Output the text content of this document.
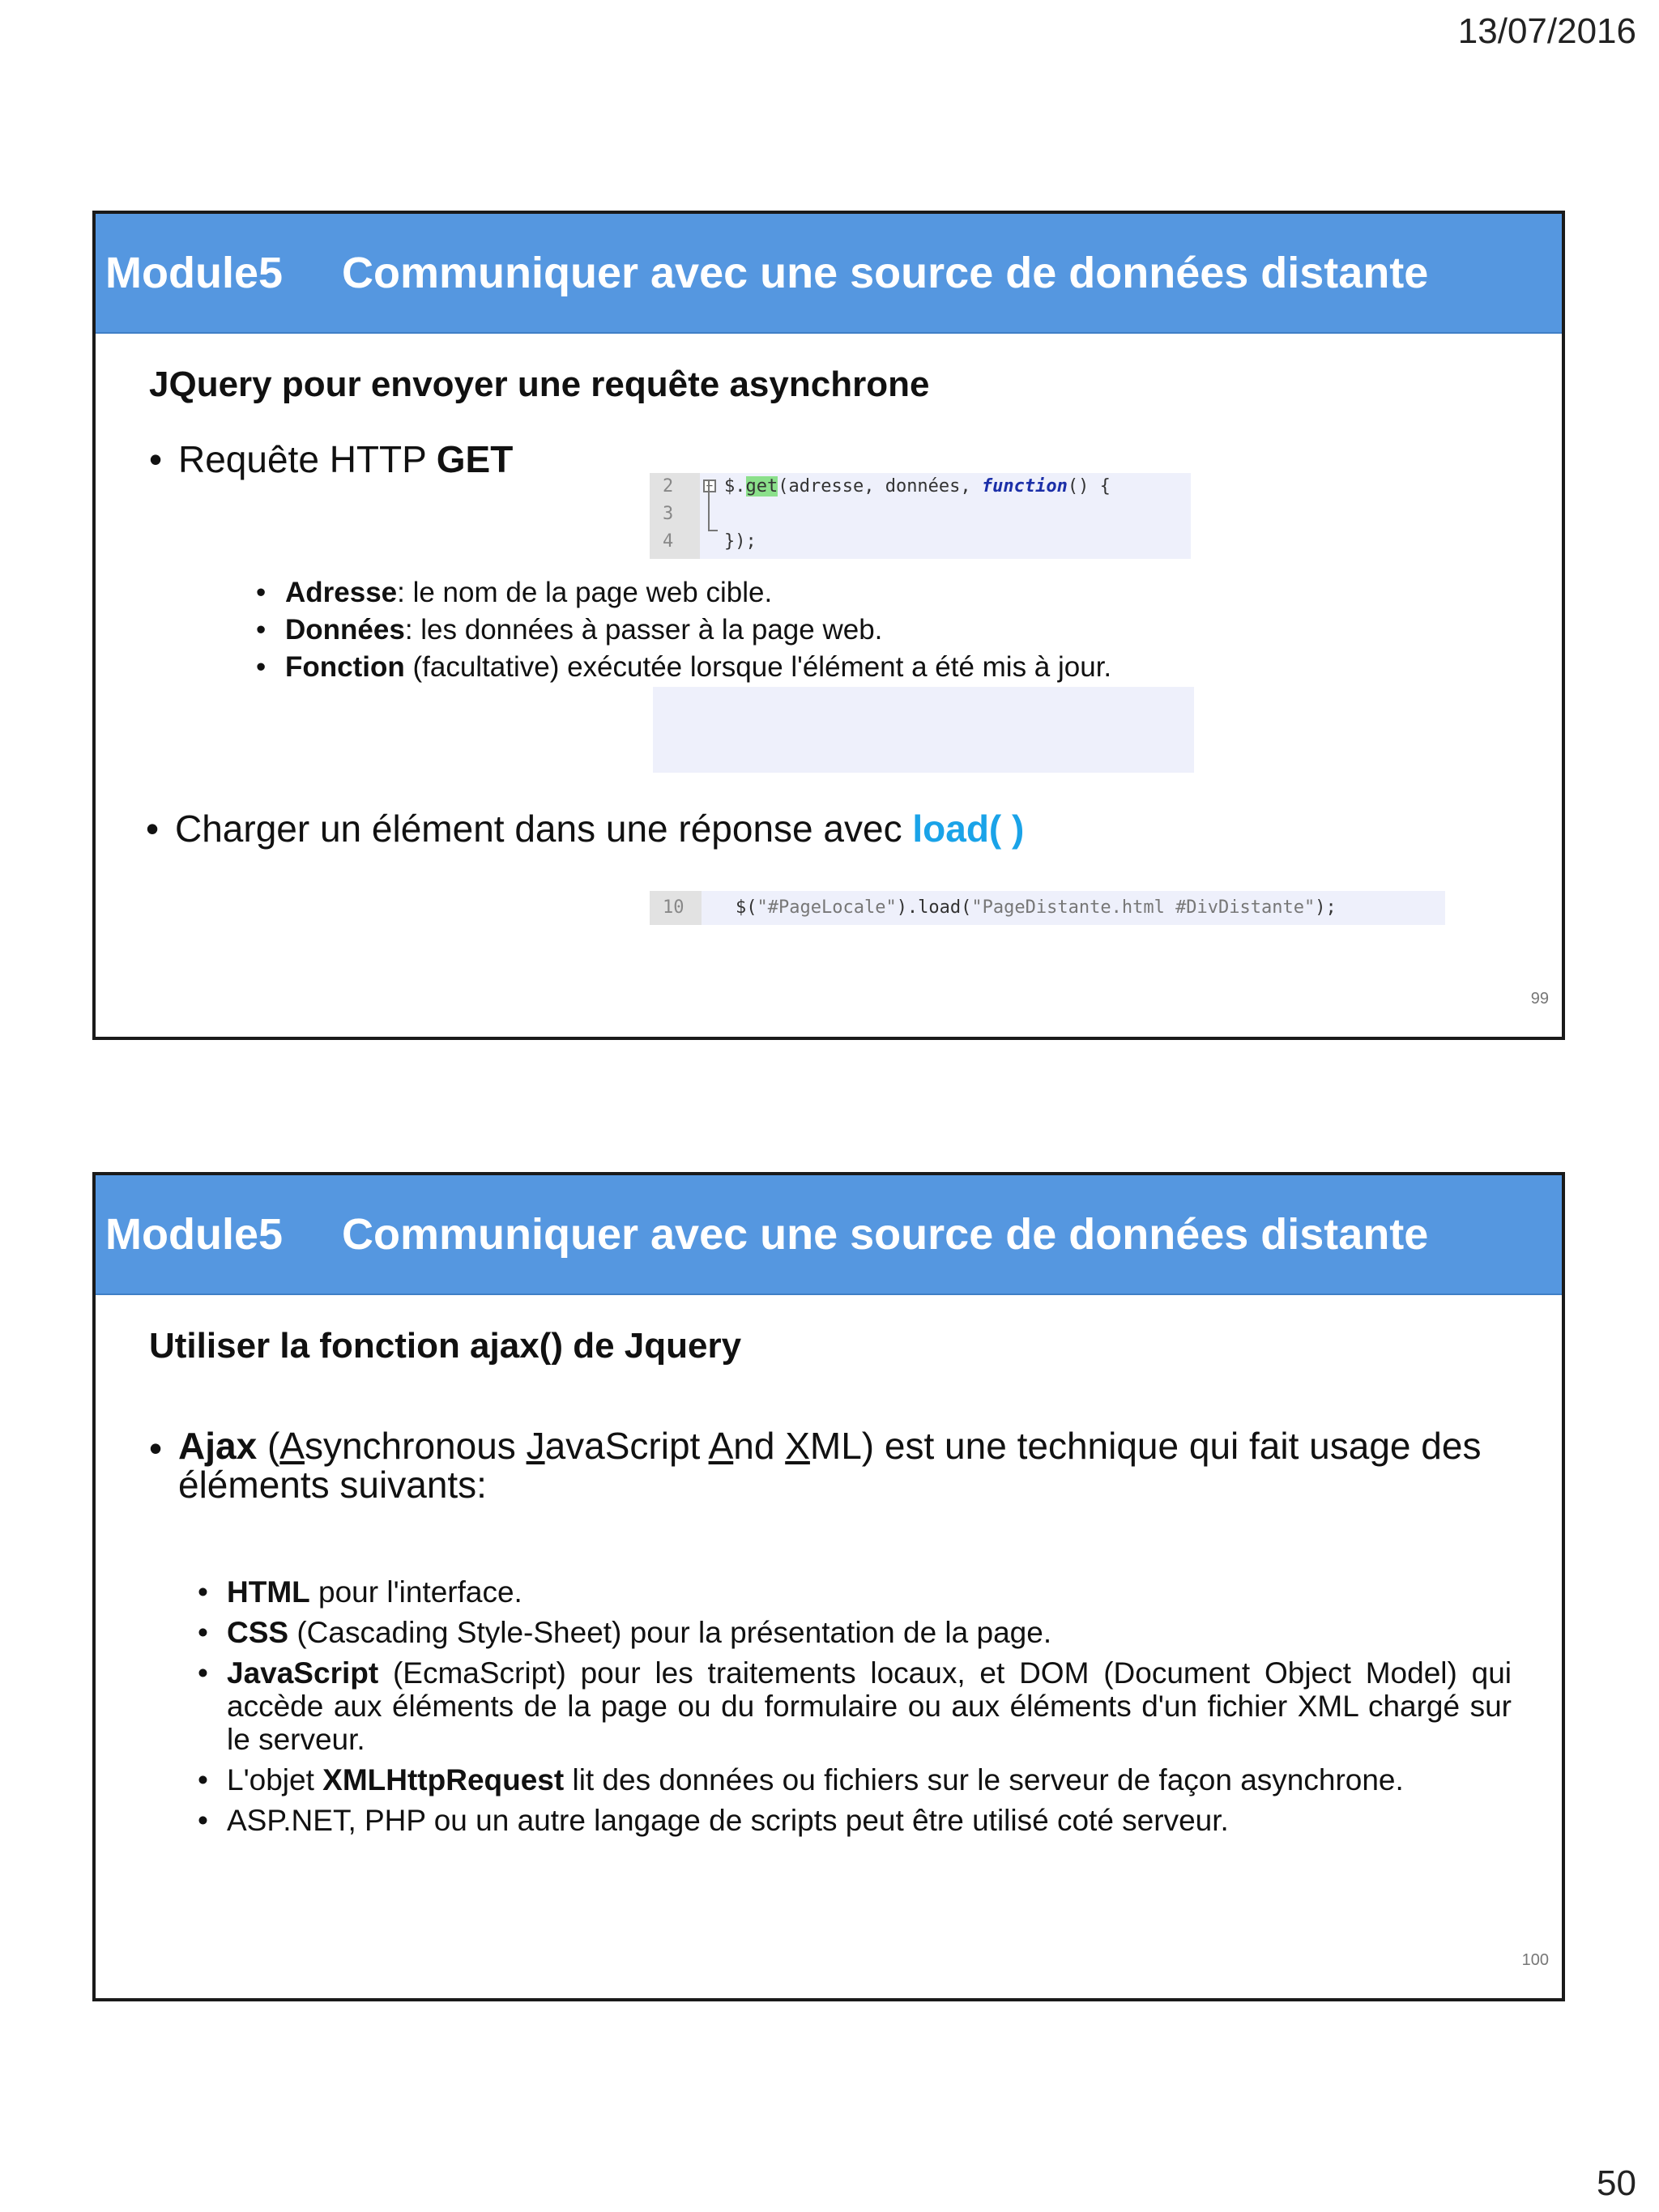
13/07/2016
Module5	Communiquer avec une source de données distante
JQuery pour envoyer une requête asynchrone
• Requête HTTP GET
2
3
4
− $.get(adresse, données, function() {

});
• Adresse: le nom de la page web cible.
• Données: les données à passer à la page web.
• Fonction (facultative) exécutée lorsque l'élément a été mis à jour.
• Charger un élément dans une réponse avec load( )
10	$("#PageLocale").load("PageDistante.html #DivDistante");
99
Module5	Communiquer avec une source de données distante
Utiliser la fonction ajax() de Jquery
• Ajax (Asynchronous JavaScript And XML) est une technique qui fait usage des
éléments suivants:
• HTML pour l'interface.
• CSS (Cascading Style-Sheet) pour la présentation de la page.
• JavaScript (EcmaScript) pour les traitements locaux, et DOM (Document Object Model) qui accède aux éléments de la page ou du formulaire ou aux éléments d'un fichier XML chargé sur le serveur.
• L'objet XMLHttpRequest lit des données ou fichiers sur le serveur de façon asynchrone.
• ASP.NET, PHP ou un autre langage de scripts peut être utilisé coté serveur.
100
50
